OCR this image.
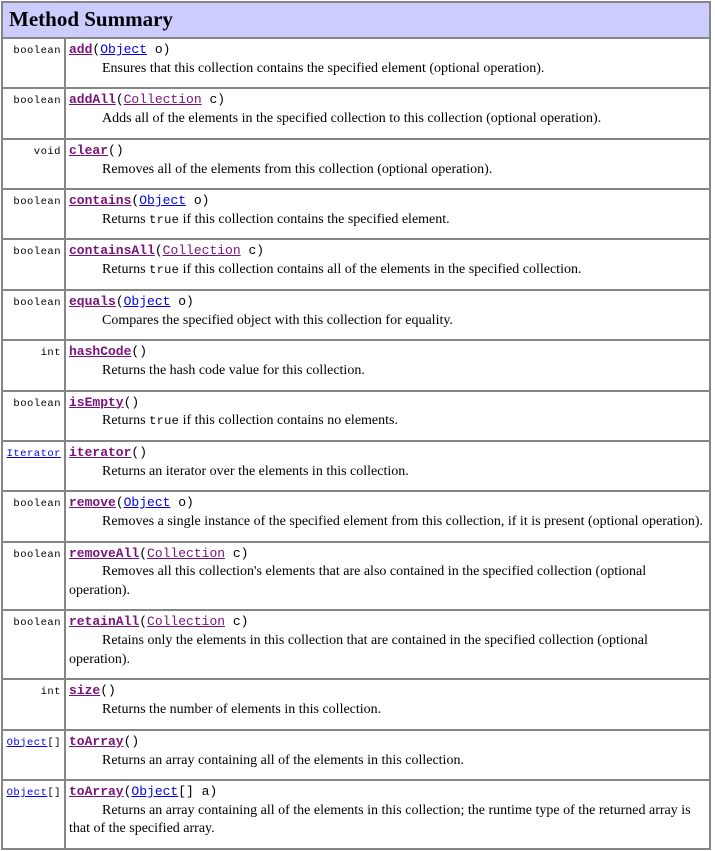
Method Summary	
boolean	add(Object o)
Ensures that this collection contains the specified element (optional operation).

boolean	addAll(Collection c)
Adds all of the elements in the specified collection to this collection (optional operation).

void	clear()
Removes all of the elements from this collection (optional operation).

boolean	contains(Object o)
Returns true if this collection contains the specified element.

boolean	containsAll(Collection c)
Returns true if this collection contains all of the elements in the specified collection.

boolean	equals(Object o)
Compares the specified object with this collection for equality.

int	hashCode()
Returns the hash code value for this collection.

boolean	isEmpty()
Returns true if this collection contains no elements.

Iterator	iterator()
Returns an iterator over the elements in this collection.

boolean	remove(Object o)
Removes a single instance of the specified element from this collection, if it is present (optional operation).

boolean	removeAll(Collection c)
Removes all this collection's elements that are also contained in the specified collection (optional operation).

boolean	retainAll(Collection c)
Retains only the elements in this collection that are contained in the specified collection (optional operation).

int	size()
Returns the number of elements in this collection.

Object[]	toArray()
Returns an array containing all of the elements in this collection.

Object[]	toArray(Object[] a)
Returns an array containing all of the elements in this collection; the runtime type of the returned array is that of the specified array.
